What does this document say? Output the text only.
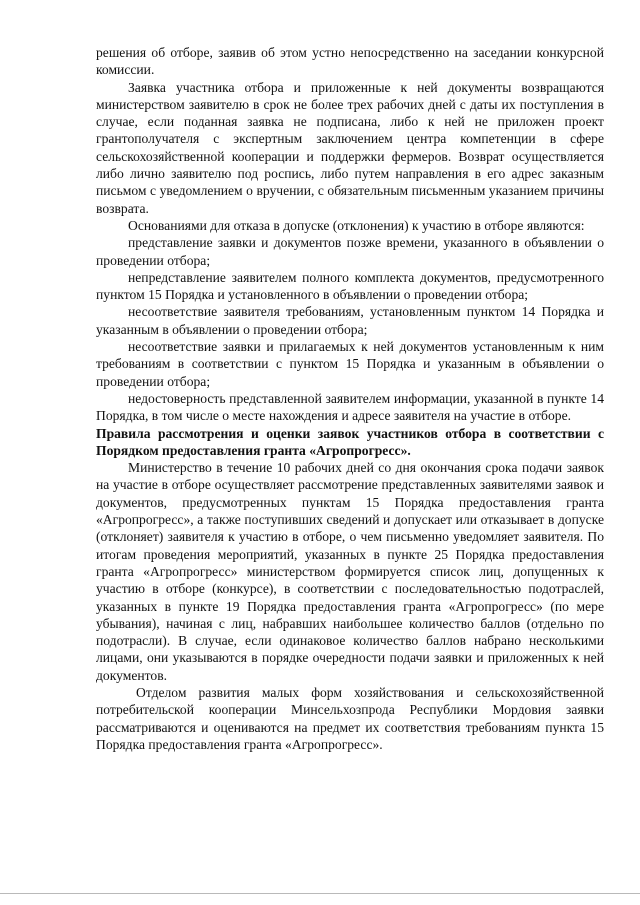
решения об отборе, заявив об этом устно непосредственно на заседании конкурсной комиссии.

Заявка участника отбора и приложенные к ней документы возвращаются министерством заявителю в срок не более трех рабочих дней с даты их поступления в случае, если поданная заявка не подписана, либо к ней не приложен проект грантополучателя с экспертным заключением центра компетенции в сфере сельскохозяйственной кооперации и поддержки фермеров. Возврат осуществляется либо лично заявителю под роспись, либо путем направления в его адрес заказным письмом с уведомлением о вручении, с обязательным письменным указанием причины возврата.

Основаниями для отказа в допуске (отклонения) к участию в отборе являются:

представление заявки и документов позже времени, указанного в объявлении о проведении отбора;

непредставление заявителем полного комплекта документов, предусмотренного пунктом 15 Порядка и установленного в объявлении о проведении отбора;

несоответствие заявителя требованиям, установленным пунктом 14 Порядка и указанным в объявлении о проведении отбора;

несоответствие заявки и прилагаемых к ней документов установленным к ним требованиям в соответствии с пунктом 15 Порядка и указанным в объявлении о проведении отбора;

недостоверность представленной заявителем информации, указанной в пункте 14 Порядка, в том числе о месте нахождения и адресе заявителя на участие в отборе.

Правила рассмотрения и оценки заявок участников отбора в соответствии с Порядком предоставления гранта «Агропрогресс».

Министерство в течение 10 рабочих дней со дня окончания срока подачи заявок на участие в отборе осуществляет рассмотрение представленных заявителями заявок и документов, предусмотренных пунктам 15 Порядка предоставления гранта «Агропрогресс», а также поступивших сведений и допускает или отказывает в допуске (отклоняет) заявителя к участию в отборе, о чем письменно уведомляет заявителя. По итогам проведения мероприятий, указанных в пункте 25 Порядка предоставления гранта «Агропрогресс» министерством формируется список лиц, допущенных к участию в отборе (конкурсе), в соответствии с последовательностью подотраслей, указанных в пункте 19 Порядка предоставления гранта «Агропрогресс» (по мере убывания), начиная с лиц, набравших наибольшее количество баллов (отдельно по подотрасли). В случае, если одинаковое количество баллов набрано несколькими лицами, они указываются в порядке очередности подачи заявки и приложенных к ней документов.

Отделом развития малых форм хозяйствования и сельскохозяйственной потребительской кооперации Минсельхозпрода Республики Мордовия заявки рассматриваются и оцениваются на предмет их соответствия требованиям пункта 15 Порядка предоставления гранта «Агропрогресс».
